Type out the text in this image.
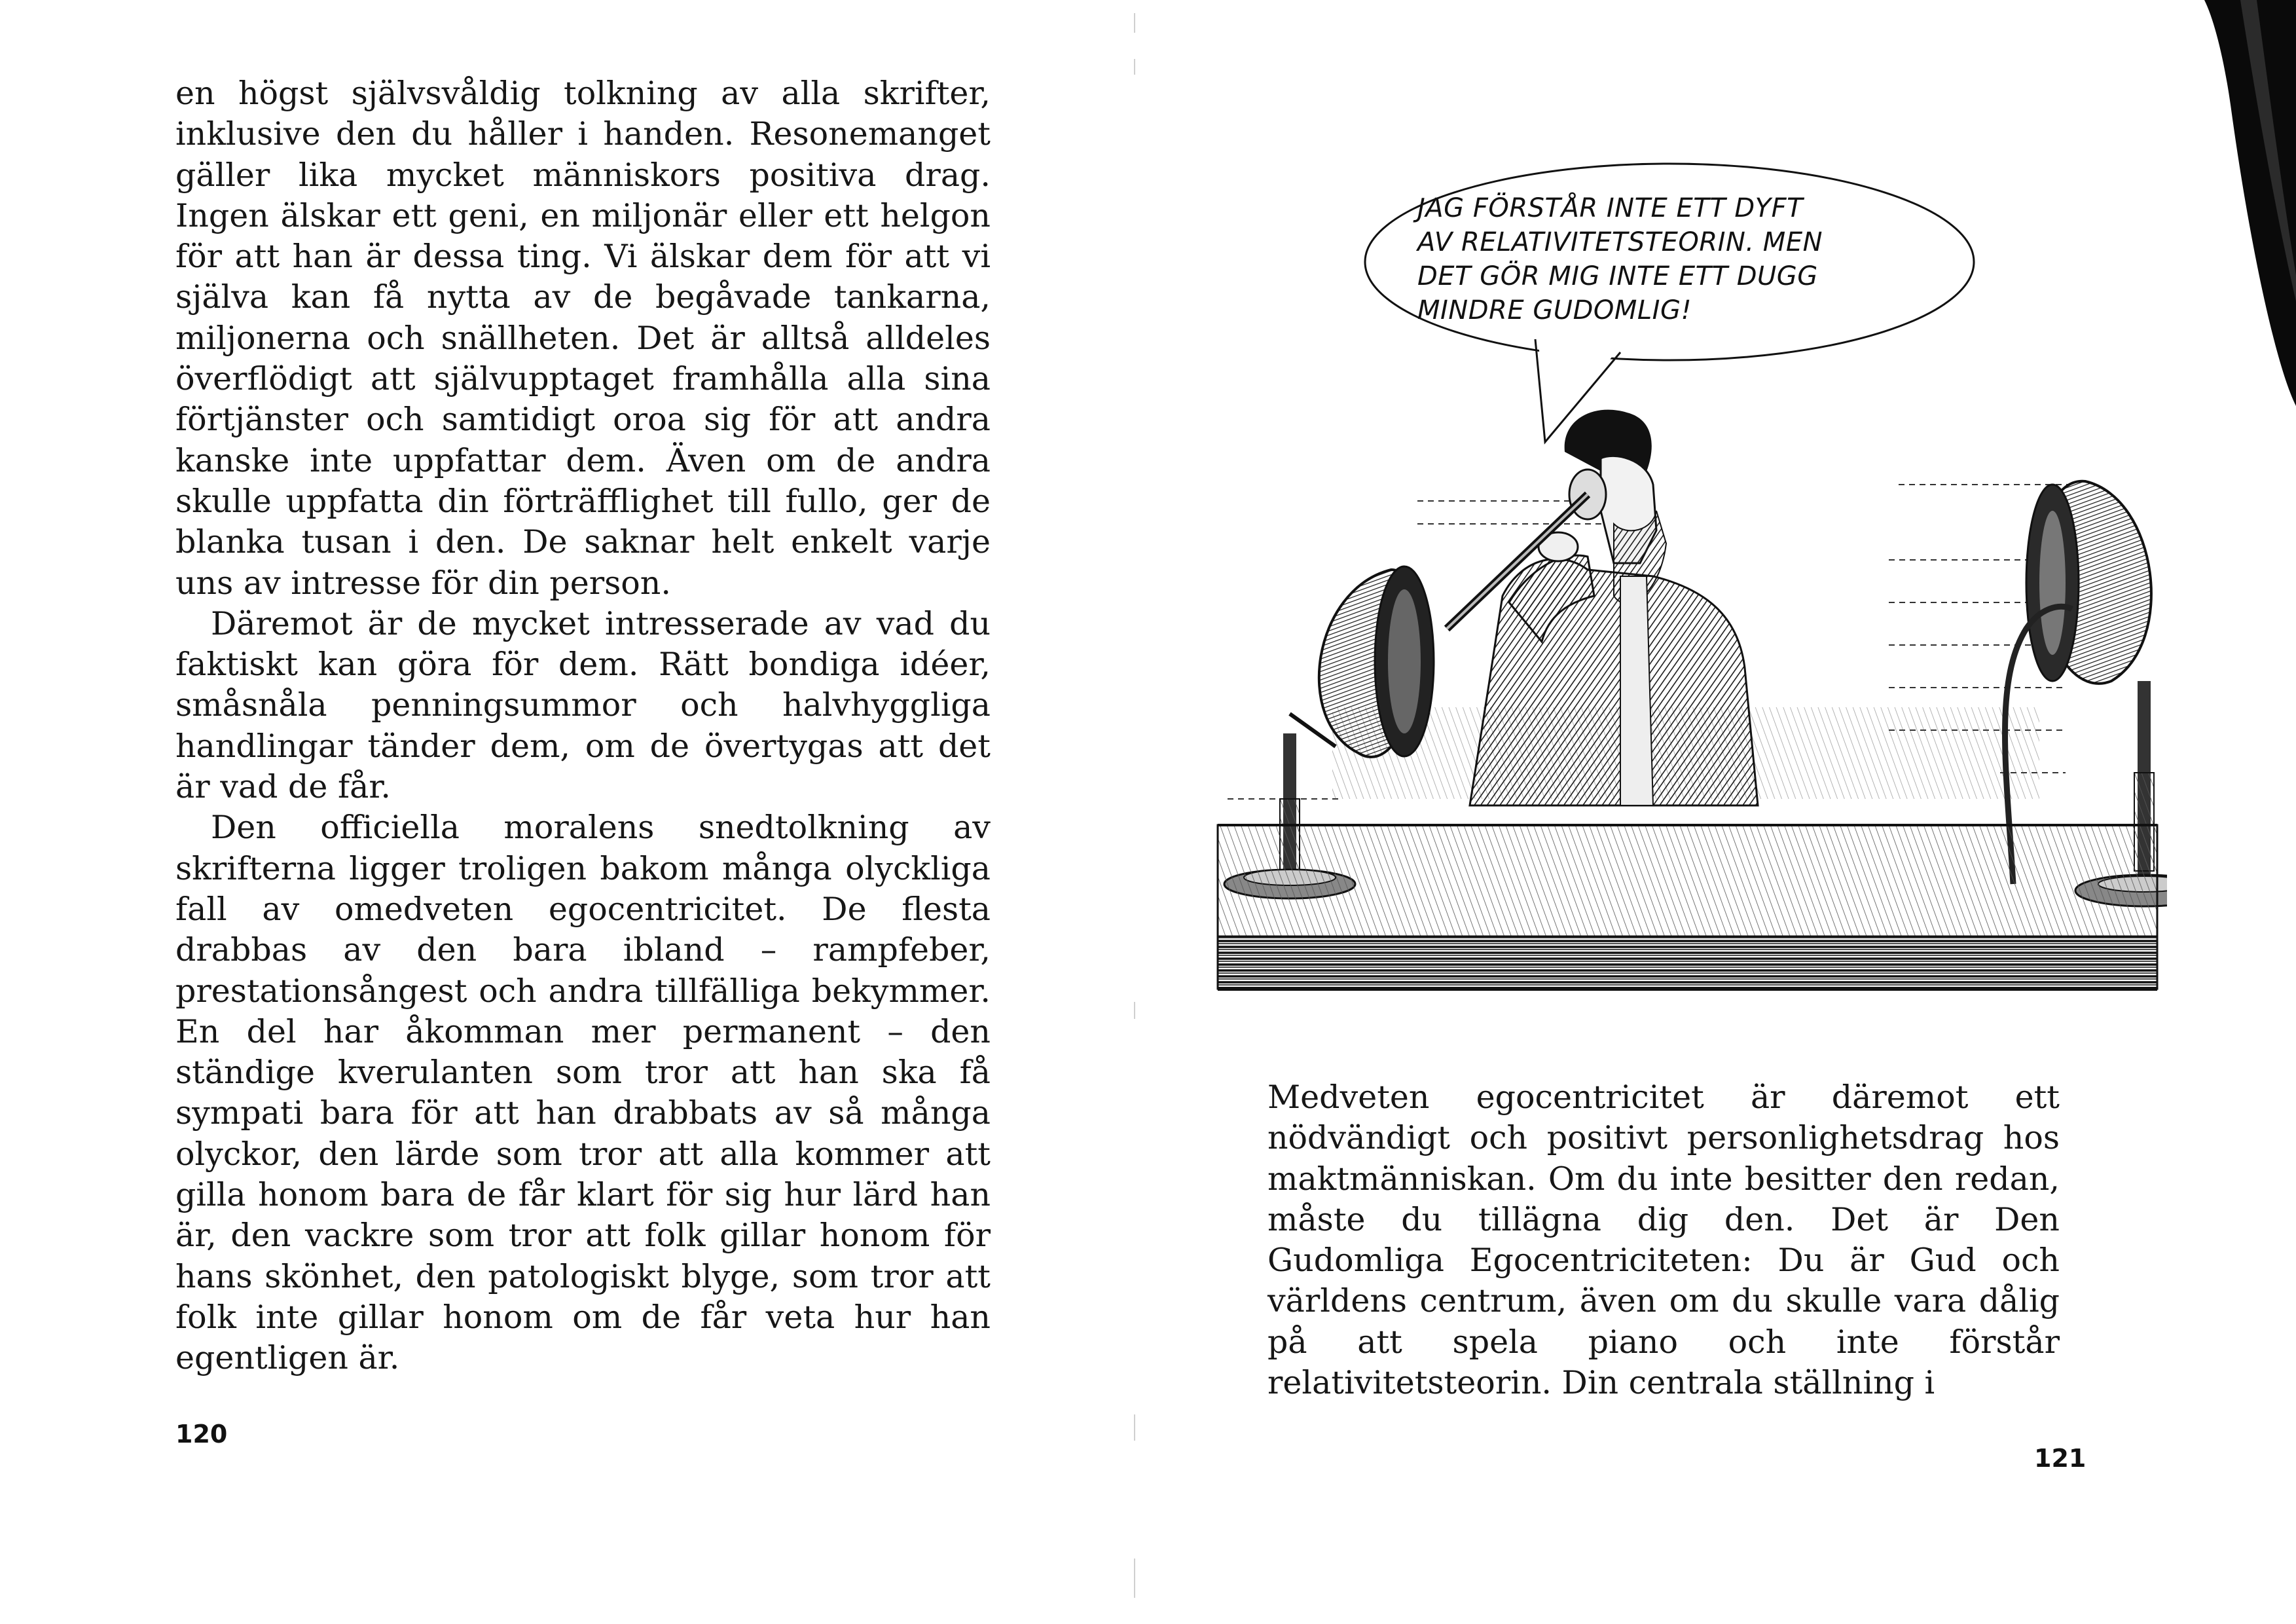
en högst självsvåldig tolkning av alla skrifter, inklusive den du håller i handen. Resonemanget gäller lika mycket människors positiva drag. Ingen älskar ett geni, en miljonär eller ett helgon för att han är dessa ting. Vi älskar dem för att vi själva kan få nytta av de begåvade tankarna, miljonerna och snällheten. Det är alltså alldeles överflödigt att självupptaget framhålla alla sina förtjänster och samtidigt oroa sig för att andra kanske inte uppfattar dem. Även om de andra skulle uppfatta din förträfflighet till fullo, ger de blanka tusan i den. De saknar helt enkelt varje uns av intresse för din person.

Däremot är de mycket intresserade av vad du faktiskt kan göra för dem. Rätt bondiga idéer, småsnåla penningsummor och halvhyggliga handlingar tänder dem, om de övertygas att det är vad de får.

Den officiella moralens snedtolkning av skrifterna ligger troligen bakom många olyckliga fall av omedveten egocentricitet. De flesta drabbas av den bara ibland – rampfeber, prestationsångest och andra tillfälliga bekymmer. En del har åkomman mer permanent – den ständige kverulanten som tror att han ska få sympati bara för att han drabbats av så många olyckor, den lärde som tror att alla kommer att gilla honom bara de får klart för sig hur lärd han är, den vackre som tror att folk gillar honom för hans skönhet, den patologiskt blyge, som tror att folk inte gillar honom om de får veta hur han egentligen är.

120
JAG FÖRSTÅR INTE ETT DYFT
AV RELATIVITETSTEORIN. MEN
DET GÖR MIG INTE ETT DUGG
MINDRE GUDOMLIG!

Medveten egocentricitet är däremot ett nödvändigt och positivt personlighetsdrag hos maktmänniskan. Om du inte besitter den redan, måste du tillägna dig den. Det är Den Gudomliga Egocentriciteten: Du är Gud och världens centrum, även om du skulle vara dålig på att spela piano och inte förstår relativitetsteorin. Din centrala ställning i

121
